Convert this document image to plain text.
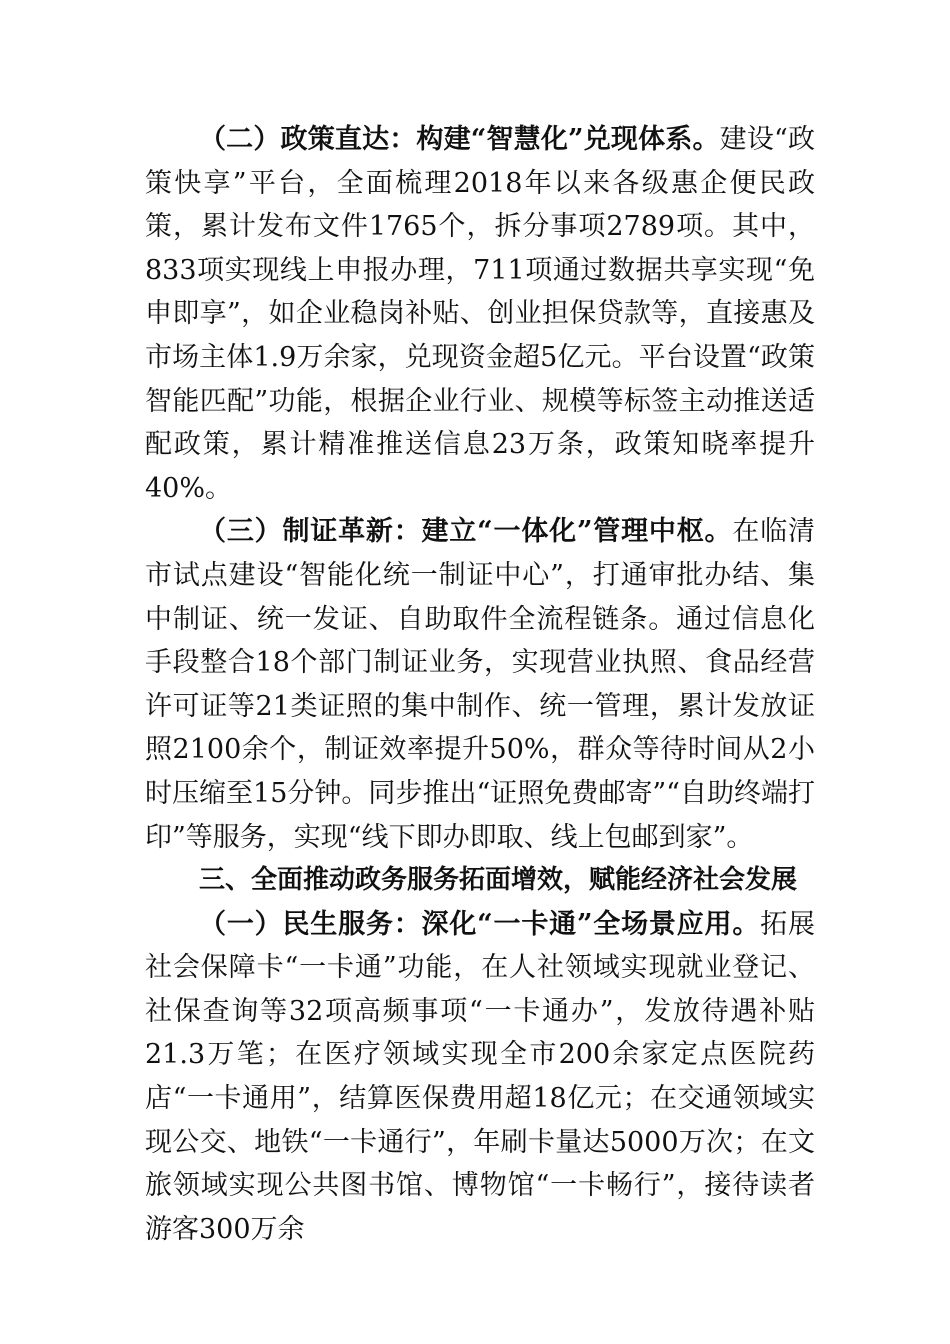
（二）政策直达：构建“智慧化”兑现体系。建设“政策快享”平台，全面梳理2018年以来各级惠企便民政策，累计发布文件1765个，拆分事项2789项。其中，833项实现线上申报办理，711项通过数据共享实现“免申即享”，如企业稳岗补贴、创业担保贷款等，直接惠及市场主体1.9万余家，兑现资金超5亿元。平台设置“政策智能匹配”功能，根据企业行业、规模等标签主动推送适配政策，累计精准推送信息23万条，政策知晓率提升40%。

（三）制证革新：建立“一体化”管理中枢。在临清市试点建设“智能化统一制证中心”，打通审批办结、集中制证、统一发证、自助取件全流程链条。通过信息化手段整合18个部门制证业务，实现营业执照、食品经营许可证等21类证照的集中制作、统一管理，累计发放证照2100余个，制证效率提升50%，群众等待时间从2小时压缩至15分钟。同步推出“证照免费邮寄”“自助终端打印”等服务，实现“线下即办即取、线上包邮到家”。

三、全面推动政务服务拓面增效，赋能经济社会发展

（一）民生服务：深化“一卡通”全场景应用。拓展社会保障卡“一卡通”功能，在人社领域实现就业登记、社保查询等32项高频事项“一卡通办”，发放待遇补贴21.3万笔；在医疗领域实现全市200余家定点医院药店“一卡通用”，结算医保费用超18亿元；在交通领域实现公交、地铁“一卡通行”，年刷卡量达5000万次；在文旅领域实现公共图书馆、博物馆“一卡畅行”，接待读者游客300万余
